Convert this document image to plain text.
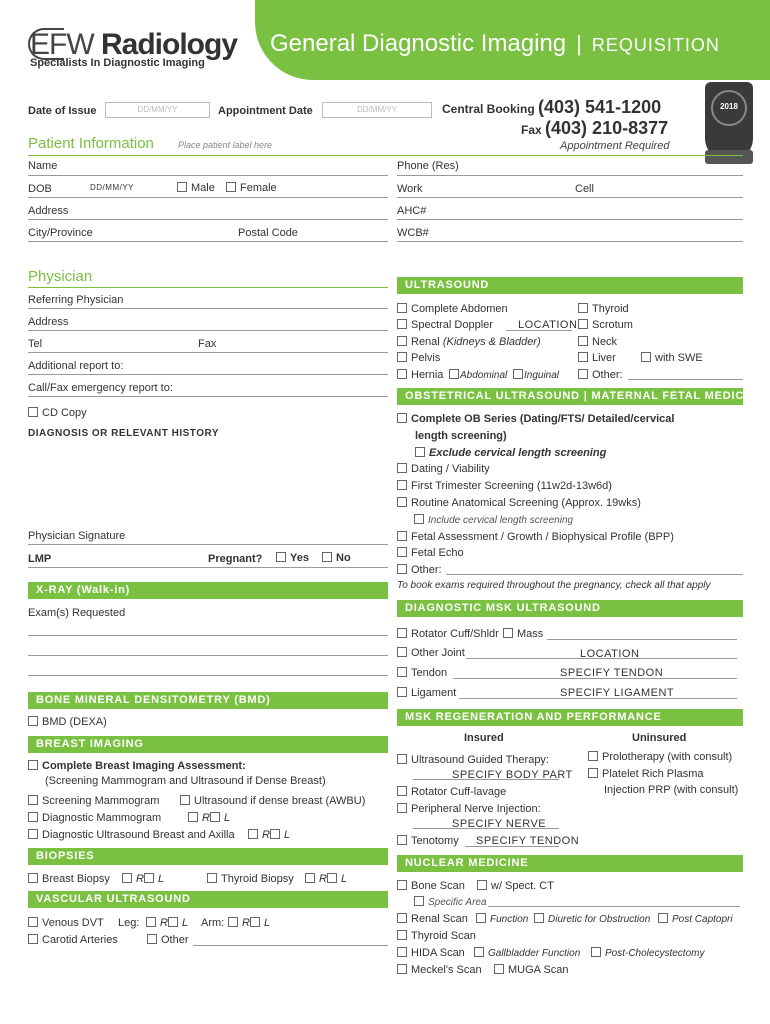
EFW Radiology
Specialists In Diagnostic Imaging
General Diagnostic Imaging | REQUISITION
2018
Date of Issue	DD/MM/YY	Appointment Date	DD/MM/YY	Central Booking (403) 541-1200
Fax (403) 210-8377
Appointment Required
Patient Information	Place patient label here
Name	Phone (Res)
DOB	DD/MM/YY	Male	Female	Work	Cell
Address	AHC#
City/Province	Postal Code	WCB#
Physician
Referring Physician
Address
Tel	Fax
Additional report to:
Call/Fax emergency report to:
CD Copy
DIAGNOSIS OR RELEVANT HISTORY
Physician Signature
LMP	Pregnant?	Yes	No
X-RAY (Walk-in)
Exam(s) Requested
BONE MINERAL DENSITOMETRY (BMD)
BMD (DEXA)
BREAST IMAGING
Complete Breast Imaging Assessment:
(Screening Mammogram and Ultrasound if Dense Breast)
Screening Mammogram	Ultrasound if dense breast (AWBU)
Diagnostic Mammogram	R	L
Diagnostic Ultrasound Breast and Axilla	R	L
BIOPSIES
Breast Biopsy	R	L	Thyroid Biopsy	R	L
VASCULAR ULTRASOUND
Venous DVT Leg:	R	L Arm:	R	L
Carotid Arteries	Other
ULTRASOUND
Complete Abdomen
Spectral Doppler LOCATION
Renal (Kidneys & Bladder)
Pelvis
Hernia	Abdominal	Inguinal
Thyroid
Scrotum
Neck
Liver	with SWE
Other:
OBSTETRICAL ULTRASOUND | MATERNAL FETAL MEDICINE
Complete OB Series (Dating/FTS/ Detailed/cervical
length screening)
Exclude cervical length screening
Dating / Viability
First Trimester Screening (11w2d-13w6d)
Routine Anatomical Screening (Approx. 19wks)
Include cervical length screening
Fetal Assessment / Growth / Biophysical Profile (BPP)
Fetal Echo
Other:
To book exams required throughout the pregnancy, check all that apply
DIAGNOSTIC MSK ULTRASOUND
Rotator Cuff/Shldr	Mass
Other Joint	LOCATION
Tendon	SPECIFY TENDON
Ligament	SPECIFY LIGAMENT
MSK REGENERATION AND PERFORMANCE
Insured	Uninsured
Ultrasound Guided Therapy:
SPECIFY BODY PART
Rotator Cuff-lavage
Peripheral Nerve Injection:
SPECIFY NERVE
Tenotomy SPECIFY TENDON
Prolotherapy (with consult)
Platelet Rich Plasma
Injection PRP (with consult)
NUCLEAR MEDICINE
Bone Scan	w/ Spect. CT
Specific Area
Renal Scan	Function	Diuretic for Obstruction	Post Captopri
Thyroid Scan
HIDA Scan	Gallbladder Function	Post-Cholecystectomy
Meckel's Scan	MUGA Scan
